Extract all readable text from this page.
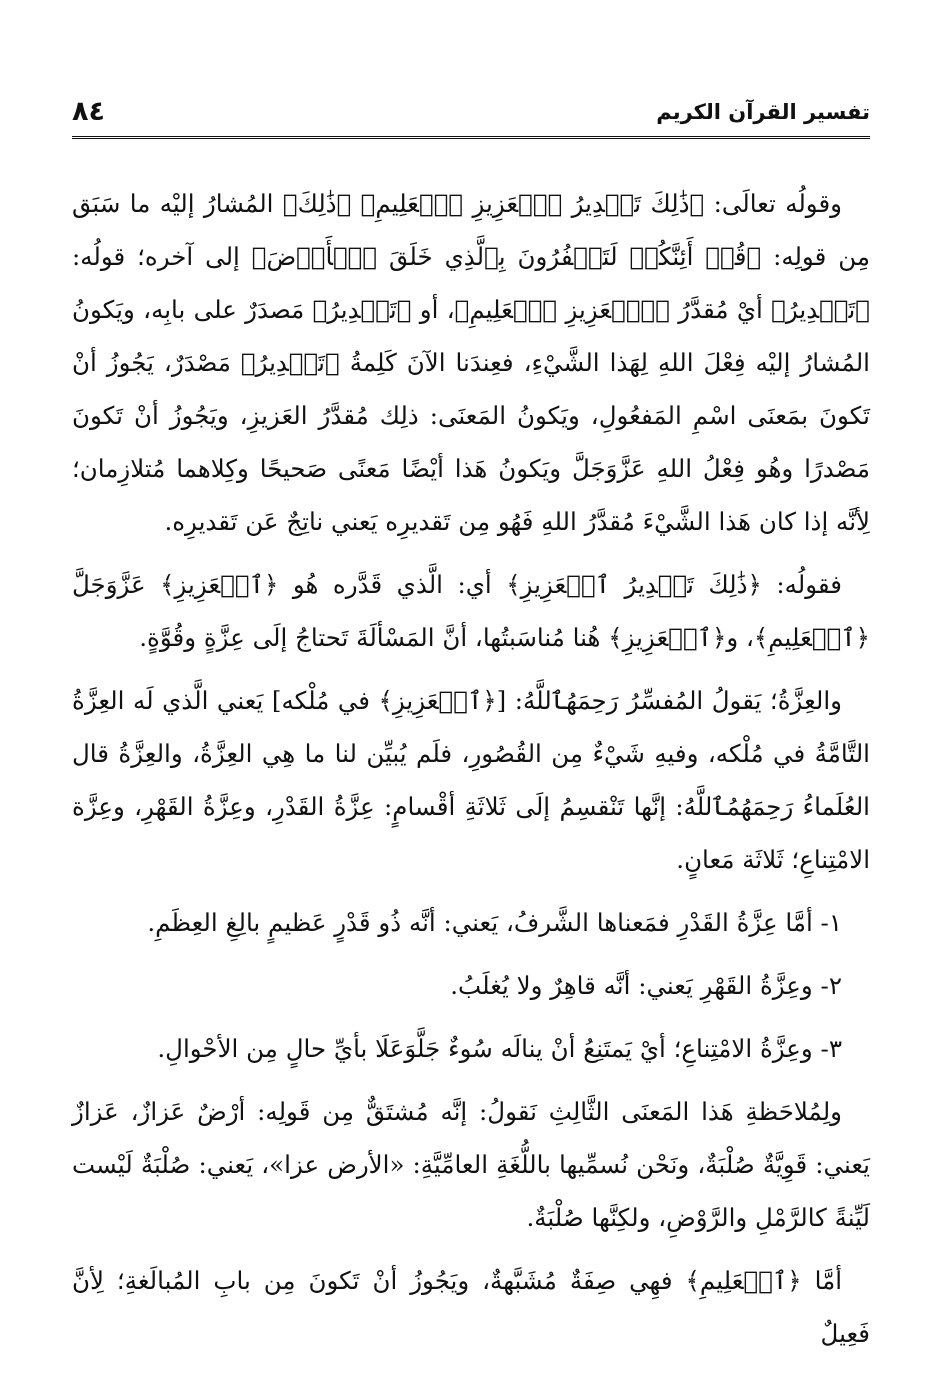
تفسير القرآن الكريم
٨٤

وقولُه تعالَى: ﴿ذَٰلِكَ تَقۡدِيرُ ٱلۡعَزِيزِ ٱلۡعَلِيمِ﴾ ﴿ذَٰلِكَ﴾ المُشارُ إليْه ما سَبَق مِن قولِه: ﴿قُلۡ أَئِنَّكُمۡ لَتَكۡفُرُونَ بِٱلَّذِي خَلَقَ ٱلۡأَرۡضَ﴾ إلى آخره؛ قولُه: ﴿تَقۡدِيرُ﴾ أيْ مُقدَّرُ ﴿ٱلۡعَزِيزِ ٱلۡعَلِيمِ﴾، أو ﴿تَقۡدِيرُ﴾ مَصدَرٌ على بابِه، ويَكونُ المُشارُ إليْه فِعْلَ اللهِ لِهَذا الشَّيْءِ، فعِندَنا الآنَ كَلِمةُ ﴿تَقۡدِيرُ﴾ مَصْدَرٌ، يَجُوزُ أنْ تَكونَ بمَعنَى اسْمِ المَفعُولِ، ويَكونُ المَعنَى: ذلِك مُقدَّرُ العَزيزِ، ويَجُوزُ أنْ تَكونَ مَصْدرًا وهُو فِعْلُ اللهِ عَزَّوَجَلَّ ويَكونُ هَذا أيْضًا مَعنًى صَحيحًا وكِلاهما مُتلازِمان؛ لِأنَّه إذا كان هَذا الشَّيْءَ مُقدَّرُ اللهِ فَهُو مِن تَقديرِه يَعني ناتِجٌ عَن تَقديرِه.

فقولُه: ﴿ذَٰلِكَ تَقۡدِيرُ ٱلۡعَزِيزِ﴾ أي: الَّذي قَدَّره هُو ﴿ٱلۡعَزِيزِ﴾ عَزَّوَجَلَّ ﴿ٱلۡعَلِيمِ﴾، و﴿ٱلۡعَزِيزِ﴾ هُنا مُناسَبتُها، أنَّ المَسْألَةَ تَحتاجُ إلَى عِزَّةٍ وقُوَّةٍ.

والعِزَّةُ؛ يَقولُ المُفسِّرُ رَحِمَهُٱللَّهُ: [﴿ٱلۡعَزِيزِ﴾ في مُلْكه] يَعني الَّذي لَه العِزَّةُ التَّامَّةُ في مُلْكه، وفيهِ شَيْءٌ مِن القُصُورِ، فلَم يُبيِّن لنا ما هِي العِزَّةُ، والعِزَّةُ قال العُلَماءُ رَحِمَهُمُٱللَّهُ: إنَّها تَنْقسِمُ إلَى ثَلاثَةِ أقْسامٍ: عِزَّةُ القَدْرِ، وعِزَّةُ القَهْرِ، وعِزَّة الامْتِناعِ؛ ثَلاثَة مَعانٍ.

١- أمَّا عِزَّةُ القَدْرِ فمَعناها الشَّرفُ، يَعني: أنَّه ذُو قَدْرٍ عَظيمٍ بالِغِ العِظَمِ.

٢- وعِزَّةُ القَهْرِ يَعني: أنَّه قاهِرٌ ولا يُغلَبُ.

٣- وعِزَّةُ الامْتِناعِ؛ أيْ يَمتَنِعُ أنْ ينالَه سُوءٌ جَلَّوَعَلَا بأيِّ حالٍ مِن الأحْوالِ.

ولِمُلاحَظةِ هَذا المَعنَى الثَّالِثِ نَقولُ: إنَّه مُشتَقٌّ مِن قَولِه: أرْضٌ عَزازٌ، عَزازٌ يَعني: قَوِيَّةٌ صُلْبَةٌ، ونَحْن نُسمِّيها باللُّغَةِ العامِّيَّةِ: «الأرض عزا»، يَعني: صُلْبَةٌ لَيْست لَيِّنةً كالرَّمْلِ والرَّوْضِ، ولكِنَّها صُلْبَةٌ.

أمَّا ﴿ٱلۡعَلِيمِ﴾ فهِي صِفَةٌ مُشَبَّهةٌ، ويَجُوزُ أنْ تَكونَ مِن بابِ المُبالَغةِ؛ لِأنَّ فَعِيلٌ
